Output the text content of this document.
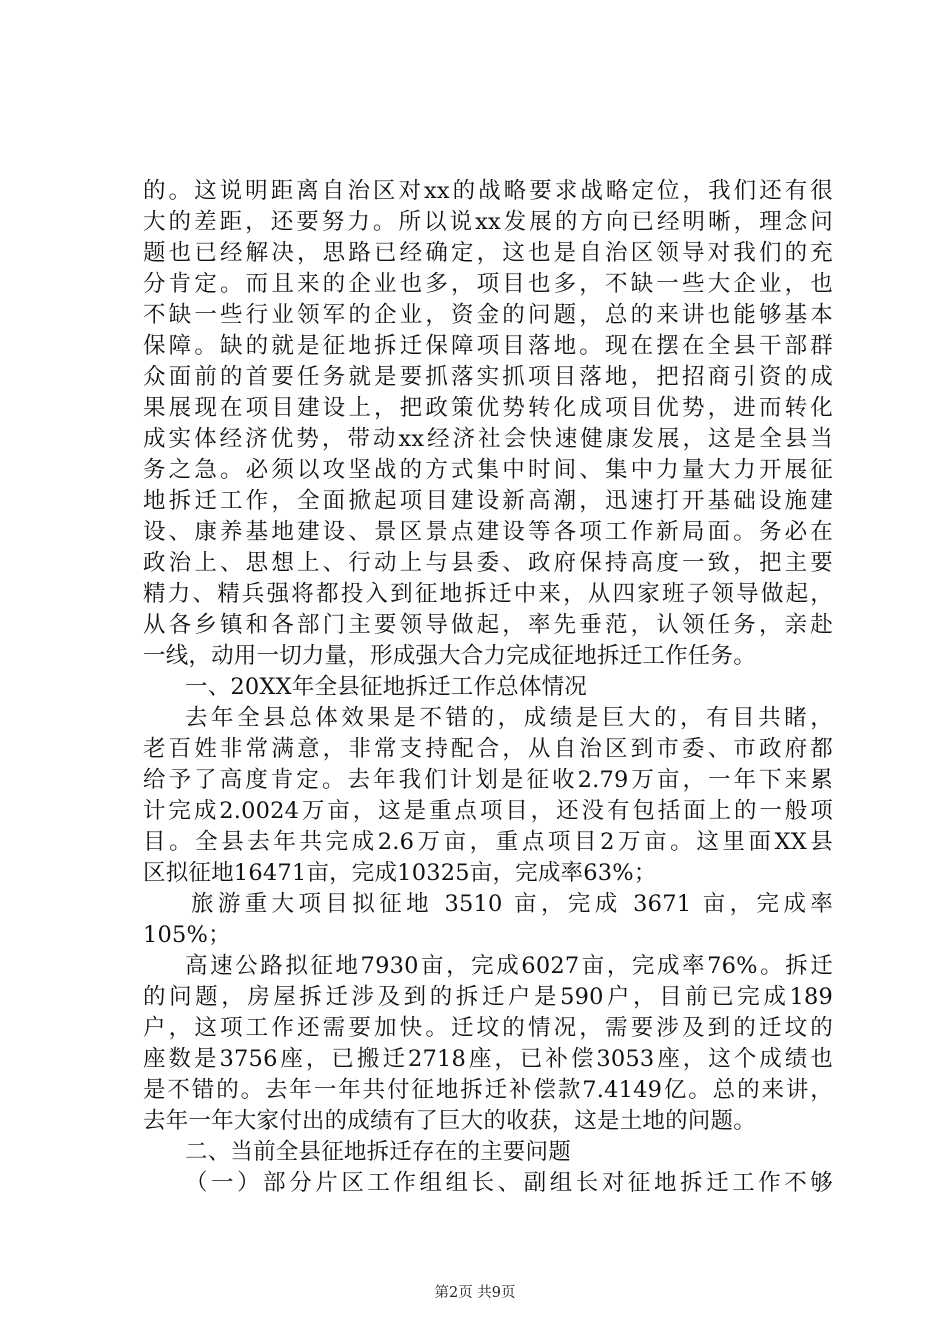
的。这说明距离自治区对xx的战略要求战略定位，我们还有很
大的差距，还要努力。所以说xx发展的方向已经明晰，理念问
题也已经解决，思路已经确定，这也是自治区领导对我们的充
分肯定。而且来的企业也多，项目也多，不缺一些大企业，也
不缺一些行业领军的企业，资金的问题，总的来讲也能够基本
保障。缺的就是征地拆迁保障项目落地。现在摆在全县干部群
众面前的首要任务就是要抓落实抓项目落地，把招商引资的成
果展现在项目建设上，把政策优势转化成项目优势，进而转化
成实体经济优势，带动xx经济社会快速健康发展，这是全县当
务之急。必须以攻坚战的方式集中时间、集中力量大力开展征
地拆迁工作，全面掀起项目建设新高潮，迅速打开基础设施建
设、康养基地建设、景区景点建设等各项工作新局面。务必在
政治上、思想上、行动上与县委、政府保持高度一致，把主要
精力、精兵强将都投入到征地拆迁中来，从四家班子领导做起，
从各乡镇和各部门主要领导做起，率先垂范，认领任务，亲赴
一线，动用一切力量，形成强大合力完成征地拆迁工作任务。
一、20XX年全县征地拆迁工作总体情况
去年全县总体效果是不错的，成绩是巨大的，有目共睹，
老百姓非常满意，非常支持配合，从自治区到市委、市政府都
给予了高度肯定。去年我们计划是征收2.79万亩，一年下来累
计完成2.0024万亩，这是重点项目，还没有包括面上的一般项
目。全县去年共完成2.6万亩，重点项目2万亩。这里面XX县
区拟征地16471亩，完成10325亩，完成率63%；
旅游重大项目拟征地 3510 亩，完成 3671 亩，完成率
105%；
高速公路拟征地7930亩，完成6027亩，完成率76%。拆迁
的问题，房屋拆迁涉及到的拆迁户是590户，目前已完成189
户，这项工作还需要加快。迁坟的情况，需要涉及到的迁坟的
座数是3756座，已搬迁2718座，已补偿3053座，这个成绩也
是不错的。去年一年共付征地拆迁补偿款7.4149亿。总的来讲，
去年一年大家付出的成绩有了巨大的收获，这是土地的问题。
二、当前全县征地拆迁存在的主要问题
（一）部分片区工作组组长、副组长对征地拆迁工作不够
第2页 共9页
